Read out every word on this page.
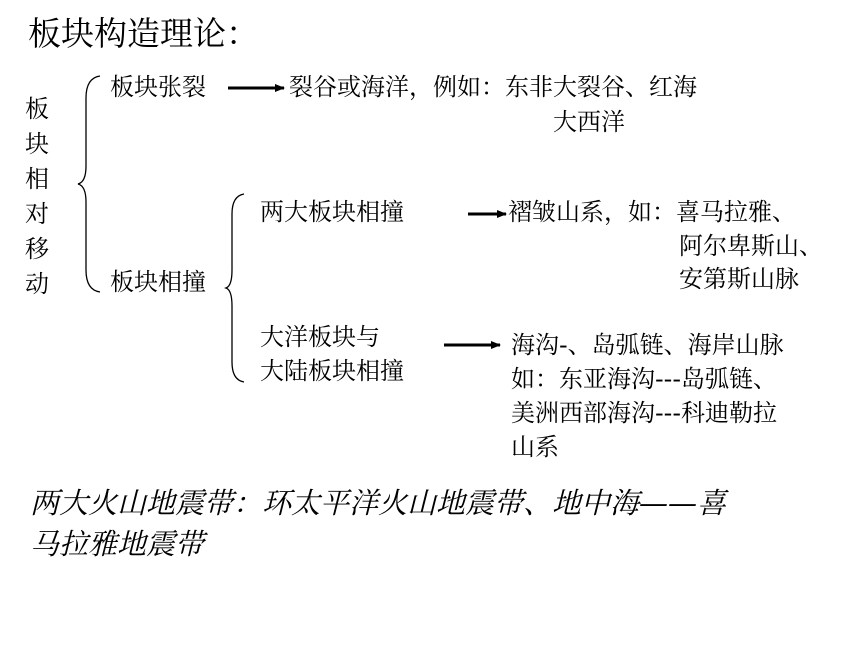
板块构造理论：
板
块
相
对
移
动
板块张裂	裂谷或海洋，例如：东非大裂谷、红海
大西洋
板块相撞
两大板块相撞	褶皱山系，如：喜马拉雅、
阿尔卑斯山、
安第斯山脉
大洋板块与
大陆板块相撞
海沟-、岛弧链、海岸山脉
如：东亚海沟---岛弧链、
美洲西部海沟---科迪勒拉
山系
两大火山地震带：环太平洋火山地震带、地中海——喜
马拉雅地震带
